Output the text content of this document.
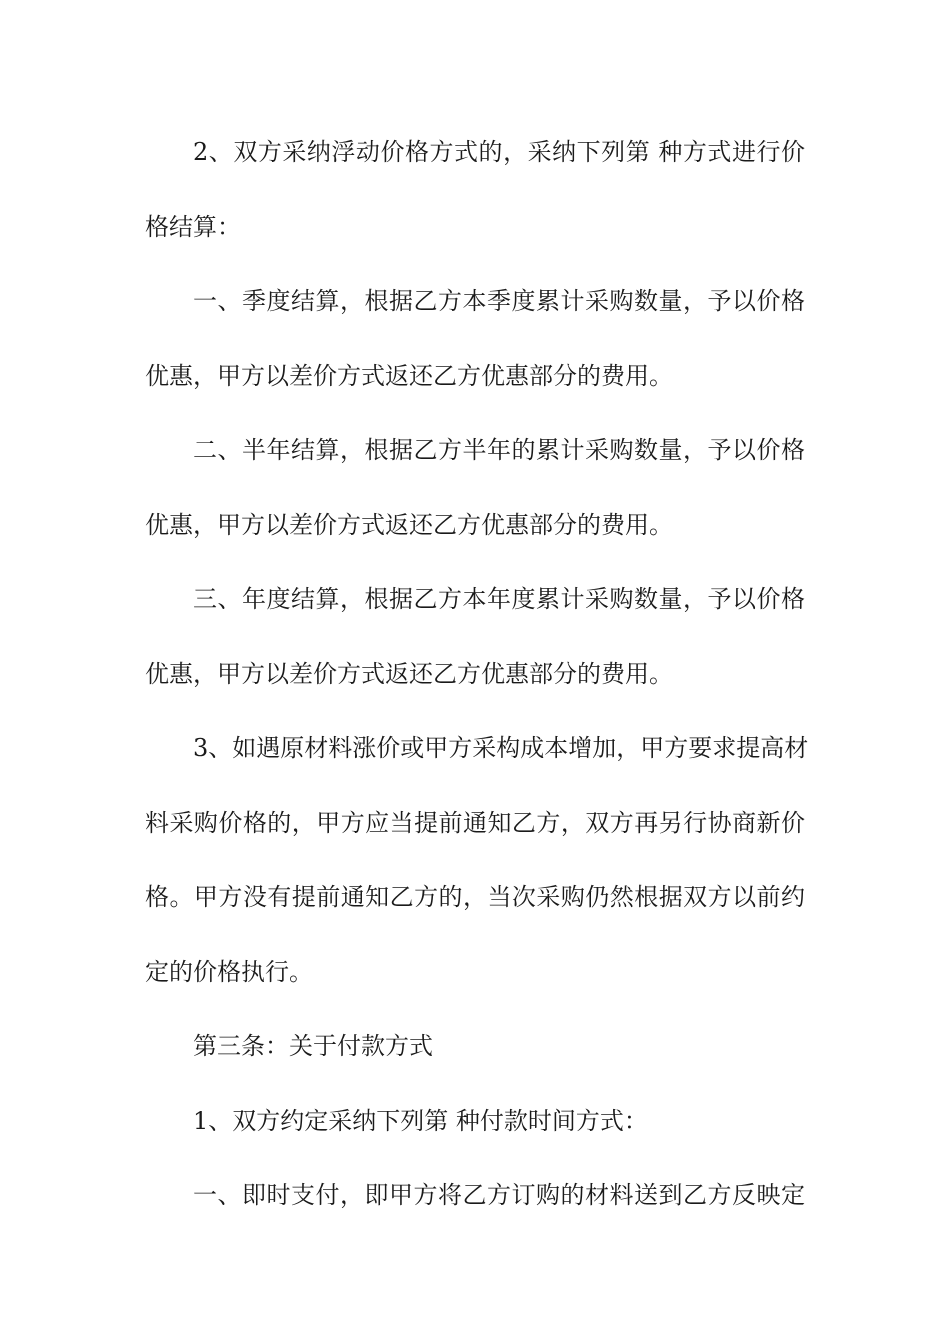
2、双方采纳浮动价格方式的，采纳下列第 种方式进行价
格结算：
一、季度结算，根据乙方本季度累计采购数量，予以价格
优惠，甲方以差价方式返还乙方优惠部分的费用。
二、半年结算，根据乙方半年的累计采购数量，予以价格
优惠，甲方以差价方式返还乙方优惠部分的费用。
三、年度结算，根据乙方本年度累计采购数量，予以价格
优惠，甲方以差价方式返还乙方优惠部分的费用。
3、如遇原材料涨价或甲方采构成本增加，甲方要求提高材
料采购价格的，甲方应当提前通知乙方，双方再另行协商新价
格。甲方没有提前通知乙方的，当次采购仍然根据双方以前约
定的价格执行。
第三条：关于付款方式
1、双方约定采纳下列第 种付款时间方式：
一、即时支付，即甲方将乙方订购的材料送到乙方反映定
